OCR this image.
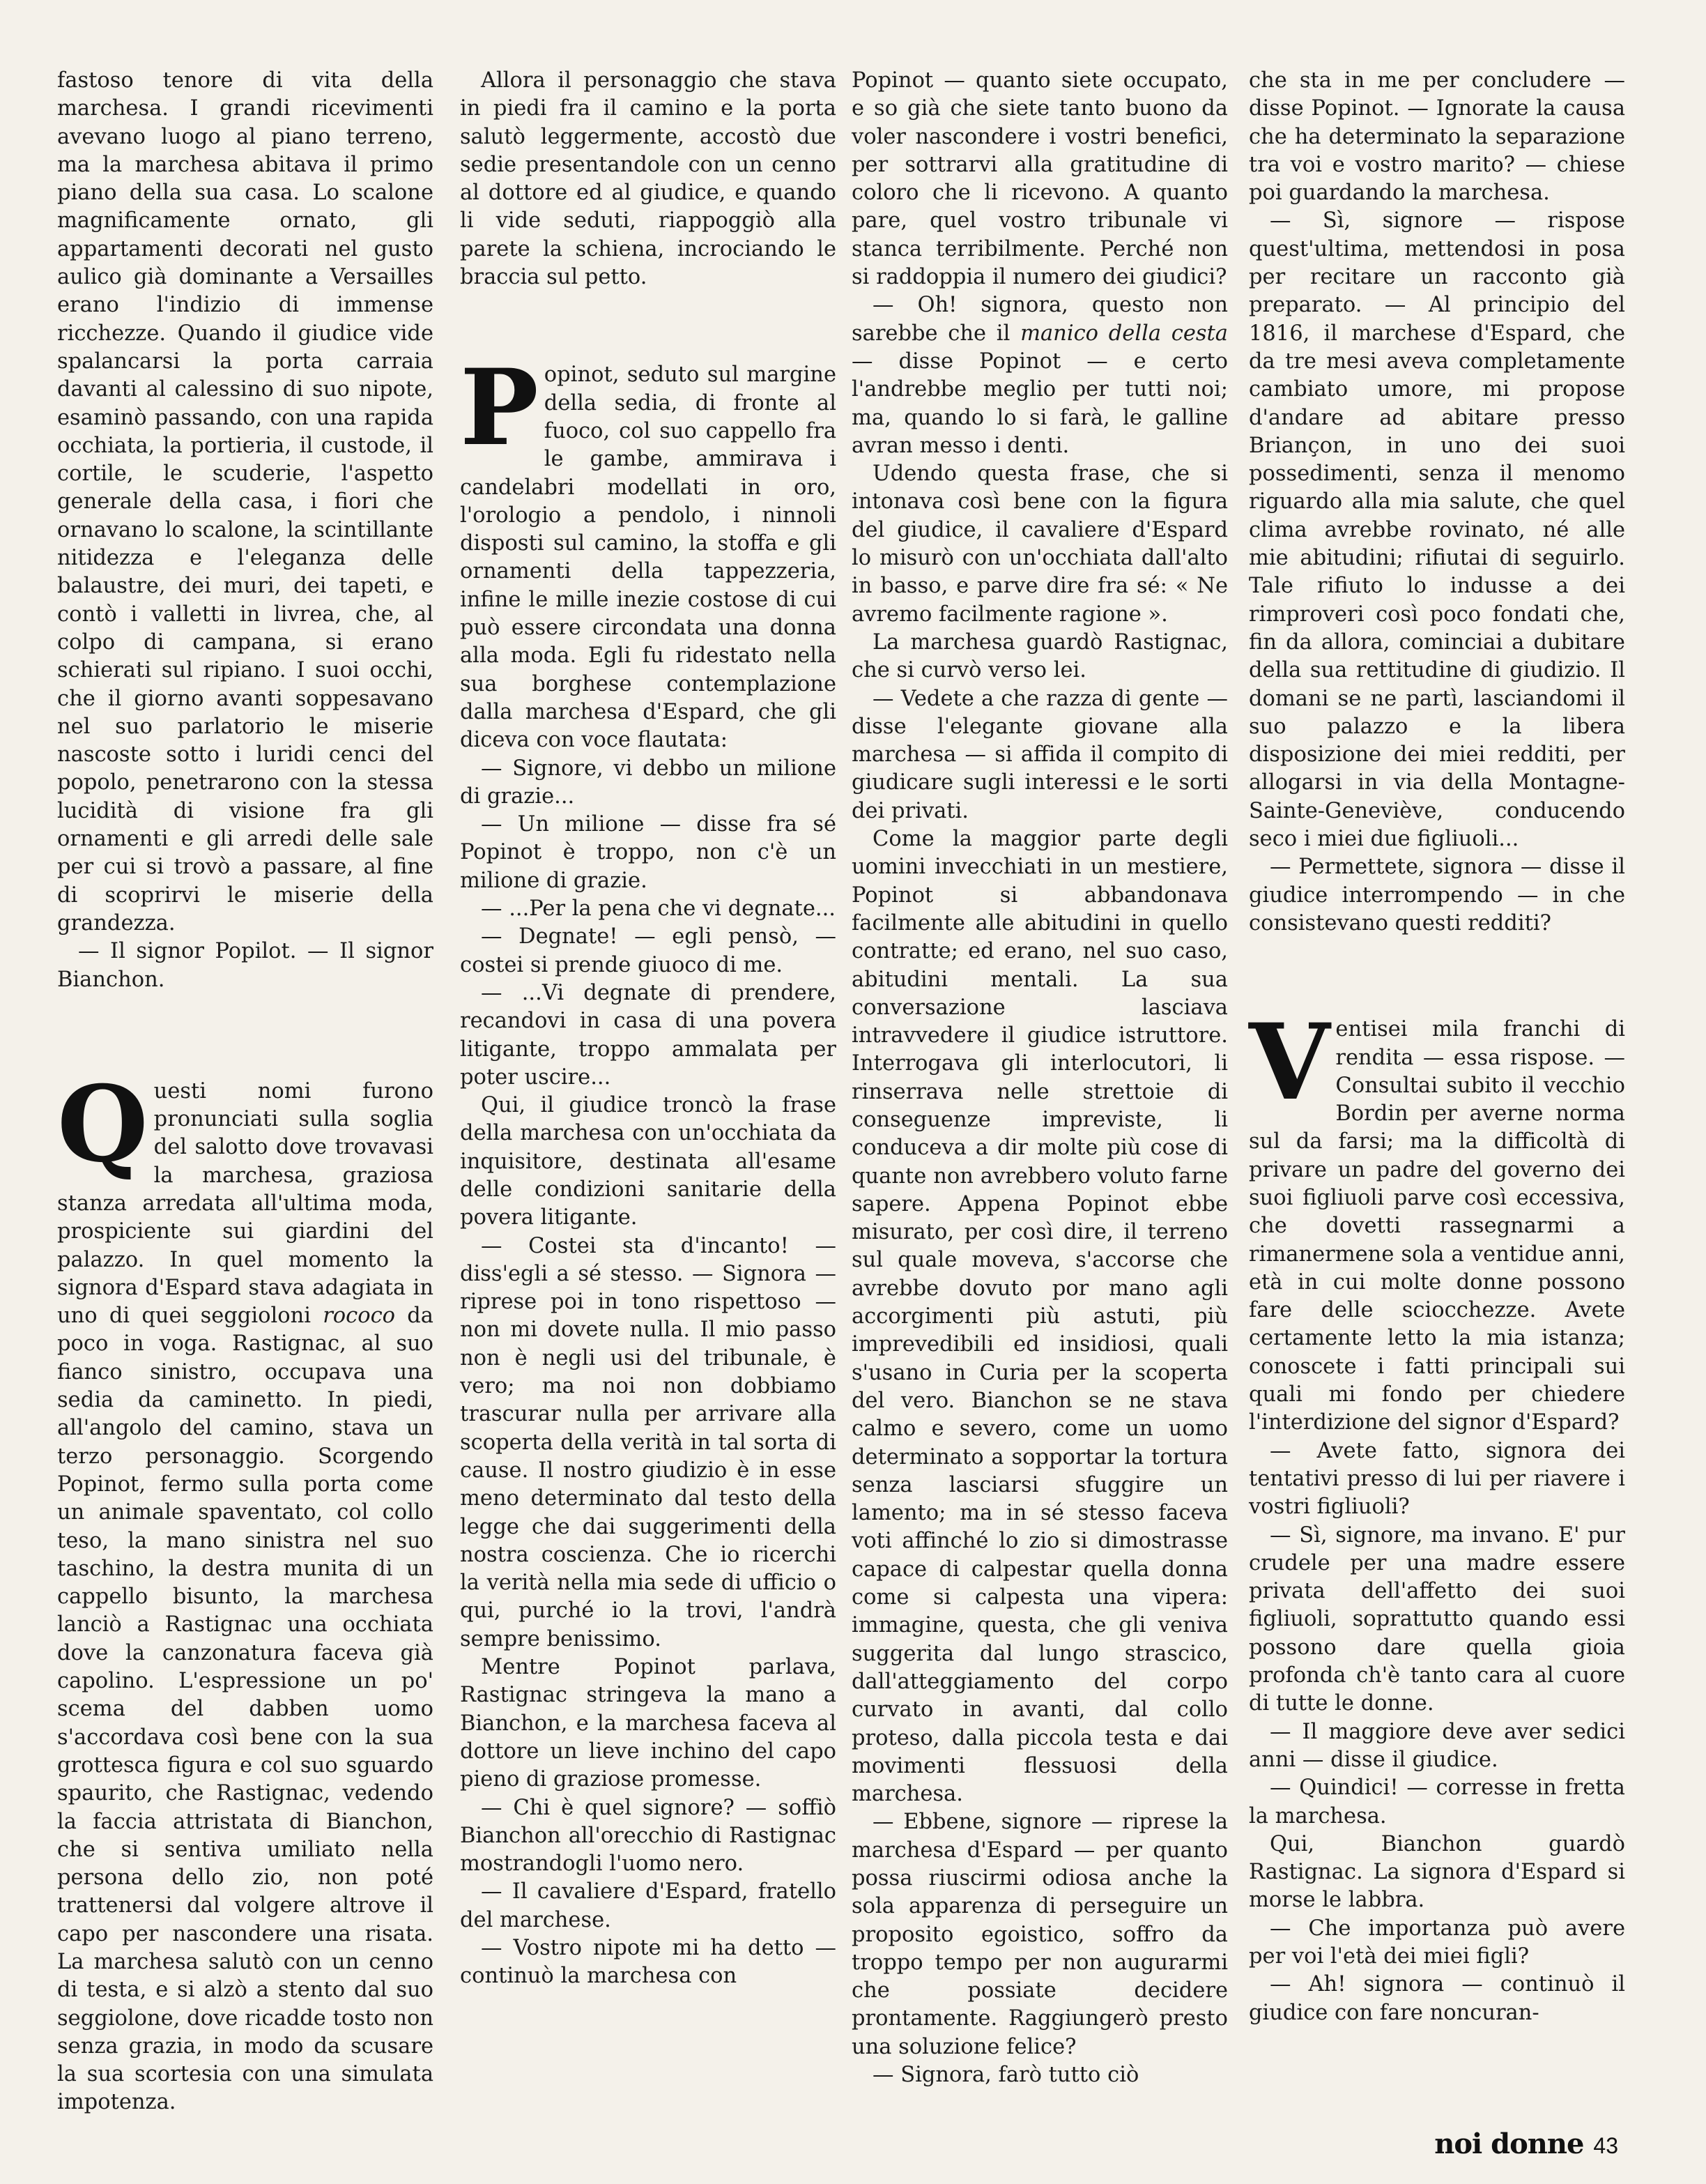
fastoso tenore di vita della marchesa. I grandi ricevimenti avevano luogo al piano terreno, ma la marchesa abitava il primo piano della sua casa. Lo scalone magnificamente ornato, gli appartamenti decorati nel gusto aulico già dominante a Versailles erano l'indizio di immense ricchezze. Quando il giudice vide spalancarsi la porta carraia davanti al calessino di suo nipote, esaminò passando, con una rapida occhiata, la portieria, il custode, il cortile, le scuderie, l'aspetto generale della casa, i fiori che ornavano lo scalone, la scintillante nitidezza e l'eleganza delle balaustre, dei muri, dei tapeti, e contò i valletti in livrea, che, al colpo di campana, si erano schierati sul ripiano. I suoi occhi, che il giorno avanti soppesavano nel suo parlatorio le miserie nascoste sotto i luridi cenci del popolo, penetrarono con la stessa lucidità di visione fra gli ornamenti e gli arredi delle sale per cui si trovò a passare, al fine di scoprirvi le miserie della grandezza.

— Il signor Popilot. — Il signor Bianchon.

Questi nomi furono pronunciati sulla soglia del salotto dove trovavasi la marchesa, graziosa stanza arredata all'ultima moda, prospiciente sui giardini del palazzo. In quel momento la signora d'Espard stava adagiata in uno di quei seggioloni rococo da poco in voga. Rastignac, al suo fianco sinistro, occupava una sedia da caminetto. In piedi, all'angolo del camino, stava un terzo personaggio. Scorgendo Popinot, fermo sulla porta come un animale spaventato, col collo teso, la mano sinistra nel suo taschino, la destra munita di un cappello bisunto, la marchesa lanciò a Rastignac una occhiata dove la canzonatura faceva già capolino. L'espressione un po' scema del dabben uomo s'accordava così bene con la sua grottesca figura e col suo sguardo spaurito, che Rastignac, vedendo la faccia attristata di Bianchon, che si sentiva umiliato nella persona dello zio, non poté trattenersi dal volgere altrove il capo per nascondere una risata. La marchesa salutò con un cenno di testa, e si alzò a stento dal suo seggiolone, dove ricadde tosto non senza grazia, in modo da scusare la sua scortesia con una simulata impotenza.

Allora il personaggio che stava in piedi fra il camino e la porta salutò leggermente, accostò due sedie presentandole con un cenno al dottore ed al giudice, e quando li vide seduti, riappoggiò alla parete la schiena, incrociando le braccia sul petto.

Popinot, seduto sul margine della sedia, di fronte al fuoco, col suo cappello fra le gambe, ammirava i candelabri modellati in oro, l'orologio a pendolo, i ninnoli disposti sul camino, la stoffa e gli ornamenti della tappezzeria, infine le mille inezie costose di cui può essere circondata una donna alla moda. Egli fu ridestato nella sua borghese contemplazione dalla marchesa d'Espard, che gli diceva con voce flautata:

— Signore, vi debbo un milione di grazie...

— Un milione — disse fra sé Popinot è troppo, non c'è un milione di grazie.

— ...Per la pena che vi degnate...

— Degnate! — egli pensò, — costei si prende giuoco di me.

— ...Vi degnate di prendere, recandovi in casa di una povera litigante, troppo ammalata per poter uscire...

Qui, il giudice troncò la frase della marchesa con un'occhiata da inquisitore, destinata all'esame delle condizioni sanitarie della povera litigante.

— Costei sta d'incanto! — diss'egli a sé stesso. — Signora — riprese poi in tono rispettoso — non mi dovete nulla. Il mio passo non è negli usi del tribunale, è vero; ma noi non dobbiamo trascurar nulla per arrivare alla scoperta della verità in tal sorta di cause. Il nostro giudizio è in esse meno determinato dal testo della legge che dai suggerimenti della nostra coscienza. Che io ricerchi la verità nella mia sede di ufficio o qui, purché io la trovi, l'andrà sempre benissimo.

Mentre Popinot parlava, Rastignac stringeva la mano a Bianchon, e la marchesa faceva al dottore un lieve inchino del capo pieno di graziose promesse.

— Chi è quel signore? — soffiò Bianchon all'orecchio di Rastignac mostrandogli l'uomo nero.

— Il cavaliere d'Espard, fratello del marchese.

— Vostro nipote mi ha detto — continuò la marchesa con

Popinot — quanto siete occupato, e so già che siete tanto buono da voler nascondere i vostri benefici, per sottrarvi alla gratitudine di coloro che li ricevono. A quanto pare, quel vostro tribunale vi stanca terribilmente. Perché non si raddoppia il numero dei giudici?

— Oh! signora, questo non sarebbe che il manico della cesta — disse Popinot — e certo l'andrebbe meglio per tutti noi; ma, quando lo si farà, le galline avran messo i denti.

Udendo questa frase, che si intonava così bene con la figura del giudice, il cavaliere d'Espard lo misurò con un'occhiata dall'alto in basso, e parve dire fra sé: « Ne avremo facilmente ragione ».

La marchesa guardò Rastignac, che si curvò verso lei.

— Vedete a che razza di gente — disse l'elegante giovane alla marchesa — si affida il compito di giudicare sugli interessi e le sorti dei privati.

Come la maggior parte degli uomini invecchiati in un mestiere, Popinot si abbandonava facilmente alle abitudini in quello contratte; ed erano, nel suo caso, abitudini mentali. La sua conversazione lasciava intravvedere il giudice istruttore. Interrogava gli interlocutori, li rinserrava nelle strettoie di conseguenze impreviste, li conduceva a dir molte più cose di quante non avrebbero voluto farne sapere. Appena Popinot ebbe misurato, per così dire, il terreno sul quale moveva, s'accorse che avrebbe dovuto por mano agli accorgimenti più astuti, più imprevedibili ed insidiosi, quali s'usano in Curia per la scoperta del vero. Bianchon se ne stava calmo e severo, come un uomo determinato a sopportar la tortura senza lasciarsi sfuggire un lamento; ma in sé stesso faceva voti affinché lo zio si dimostrasse capace di calpestar quella donna come si calpesta una vipera: immagine, questa, che gli veniva suggerita dal lungo strascico, dall'atteggiamento del corpo curvato in avanti, dal collo proteso, dalla piccola testa e dai movimenti flessuosi della marchesa.

— Ebbene, signore — riprese la marchesa d'Espard — per quanto possa riuscirmi odiosa anche la sola apparenza di perseguire un proposito egoistico, soffro da troppo tempo per non augurarmi che possiate decidere prontamente. Raggiungerò presto una soluzione felice?

— Signora, farò tutto ciò

che sta in me per concludere — disse Popinot. — Ignorate la causa che ha determinato la separazione tra voi e vostro marito? — chiese poi guardando la marchesa.

— Sì, signore — rispose quest'ultima, mettendosi in posa per recitare un racconto già preparato. — Al principio del 1816, il marchese d'Espard, che da tre mesi aveva completamente cambiato umore, mi propose d'andare ad abitare presso Briançon, in uno dei suoi possedimenti, senza il menomo riguardo alla mia salute, che quel clima avrebbe rovinato, né alle mie abitudini; rifiutai di seguirlo. Tale rifiuto lo indusse a dei rimproveri così poco fondati che, fin da allora, cominciai a dubitare della sua rettitudine di giudizio. Il domani se ne partì, lasciandomi il suo palazzo e la libera disposizione dei miei redditi, per allogarsi in via della Montagne-Sainte-Geneviève, conducendo seco i miei due figliuoli...

— Permettete, signora — disse il giudice interrompendo — in che consistevano questi redditi?

Ventisei mila franchi di rendita — essa rispose. — Consultai subito il vecchio Bordin per averne norma sul da farsi; ma la difficoltà di privare un padre del governo dei suoi figliuoli parve così eccessiva, che dovetti rassegnarmi a rimanermene sola a ventidue anni, età in cui molte donne possono fare delle sciocchezze. Avete certamente letto la mia istanza; conoscete i fatti principali sui quali mi fondo per chiedere l'interdizione del signor d'Espard?

— Avete fatto, signora dei tentativi presso di lui per riavere i vostri figliuoli?

— Sì, signore, ma invano. E' pur crudele per una madre essere privata dell'affetto dei suoi figliuoli, soprattutto quando essi possono dare quella gioia profonda ch'è tanto cara al cuore di tutte le donne.

— Il maggiore deve aver sedici anni — disse il giudice.

— Quindici! — corresse in fretta la marchesa.

Qui, Bianchon guardò Rastignac. La signora d'Espard si morse le labbra.

— Che importanza può avere per voi l'età dei miei figli?

— Ah! signora — continuò il giudice con fare noncuran-

noi donne 43
